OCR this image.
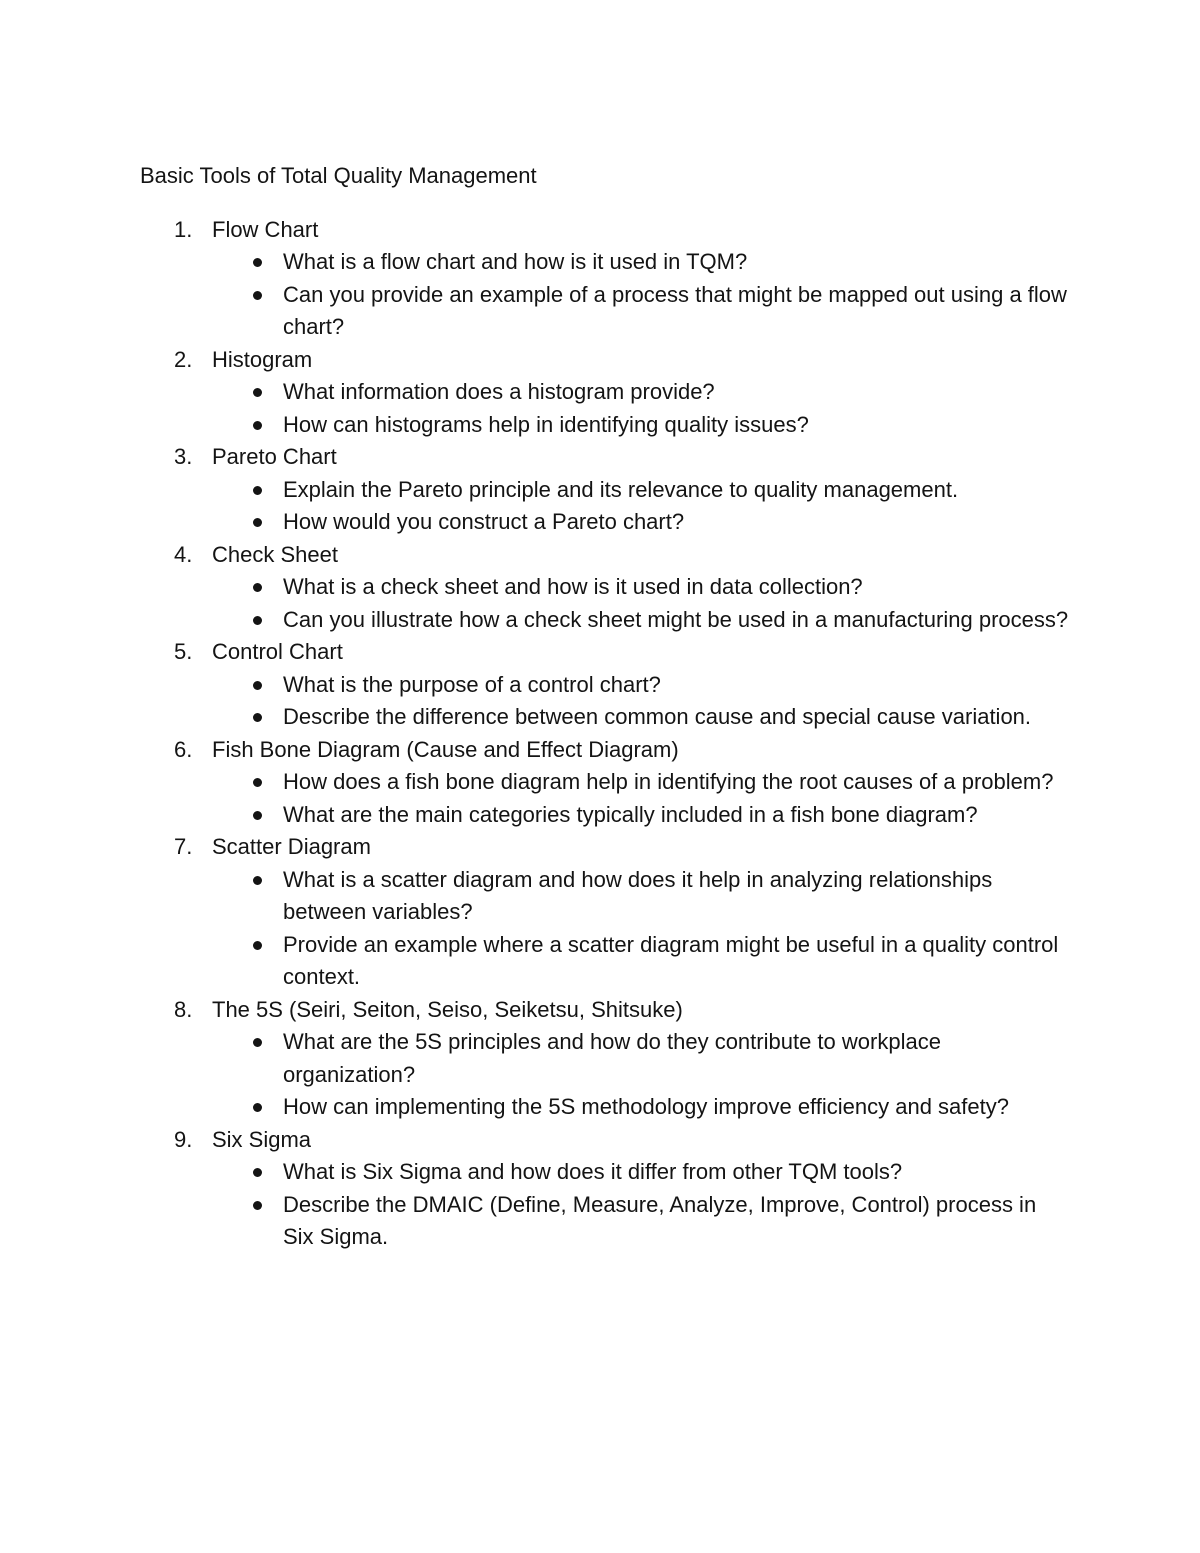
Basic Tools of Total Quality Management
1. Flow Chart
What is a flow chart and how is it used in TQM?
Can you provide an example of a process that might be mapped out using a flow chart?
2. Histogram
What information does a histogram provide?
How can histograms help in identifying quality issues?
3. Pareto Chart
Explain the Pareto principle and its relevance to quality management.
How would you construct a Pareto chart?
4. Check Sheet
What is a check sheet and how is it used in data collection?
Can you illustrate how a check sheet might be used in a manufacturing process?
5. Control Chart
What is the purpose of a control chart?
Describe the difference between common cause and special cause variation.
6. Fish Bone Diagram (Cause and Effect Diagram)
How does a fish bone diagram help in identifying the root causes of a problem?
What are the main categories typically included in a fish bone diagram?
7. Scatter Diagram
What is a scatter diagram and how does it help in analyzing relationships between variables?
Provide an example where a scatter diagram might be useful in a quality control context.
8. The 5S (Seiri, Seiton, Seiso, Seiketsu, Shitsuke)
What are the 5S principles and how do they contribute to workplace organization?
How can implementing the 5S methodology improve efficiency and safety?
9. Six Sigma
What is Six Sigma and how does it differ from other TQM tools?
Describe the DMAIC (Define, Measure, Analyze, Improve, Control) process in Six Sigma.
